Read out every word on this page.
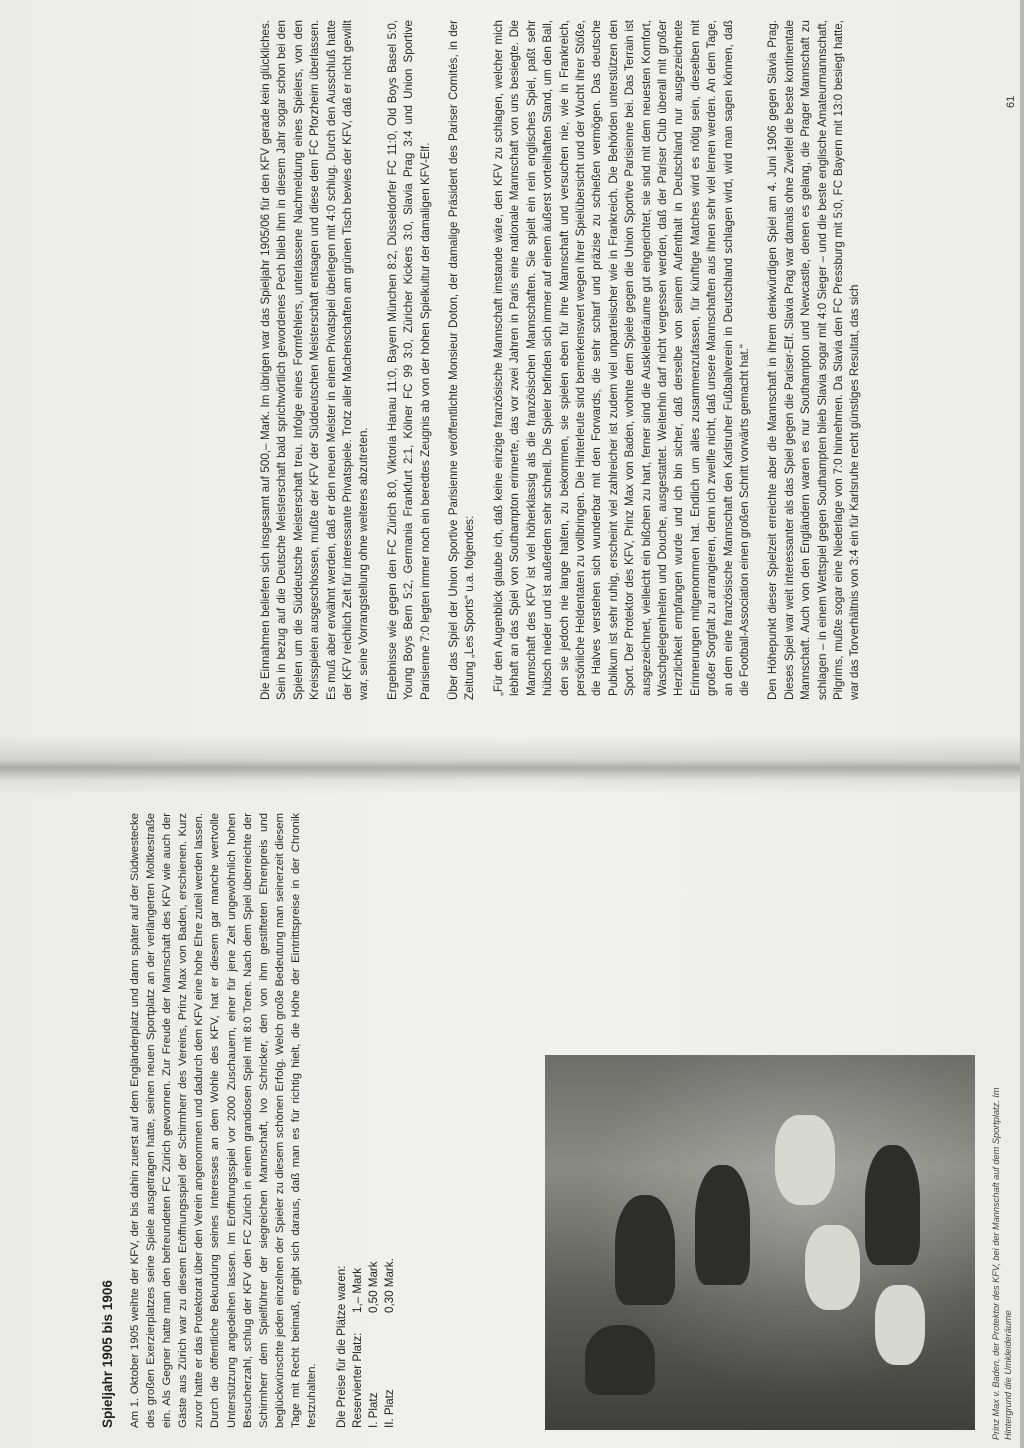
Spieljahr 1905 bis 1906 Am 1. Oktober 1905 weihte der KFV, der bis dahin zuerst auf dem Engländerplatz und dann später auf der Südwestecke des großen Exerzierplatzes seine Spiele ausgetragen hatte, seinen neuen Sportplatz an der verlängerten Moltkestraße ein. Als Gegner hatte man den befreundeten FC Zürich gewonnen. Zur Freude der Mannschaft des KFV wie auch der Gäste aus Zürich war zu diesem Eröffnungsspiel der Schirmherr des Vereins, Prinz Max von Baden, erschienen. Kurz zuvor hatte er das Protektorat über den Verein angenommen und dadurch dem KFV eine hohe Ehre zuteil werden lassen. Durch die öffentliche Bekundung seines Interesses an dem Wohle des KFV, hat er diesem gar manche wertvolle Unterstützung angedeihen lassen. Im Eröffnungsspiel vor 2000 Zuschauern, einer für jene Zeit ungewöhnlich hohen Besucherzahl, schlug der KFV den FC Zürich in einem grandiosen Spiel mit 8:0 Toren. Nach dem Spiel überreichte der Schirmherr dem Spielführer der siegreichen Mannschaft, Ivo Schricker, den von ihm gestifteten Ehrenpreis und beglückwünschte jeden einzelnen der Spieler zu diesem schönen Erfolg. Welch große Bedeutung man seinerzeit diesem Tage mit Recht beimaß, ergibt sich daraus, daß man es für richtig hielt, die Höhe der Eintrittspreise in der Chronik festzuhalten. Die Preise für die Plätze waren: Reservierter Platz:
1,– Mark
I. Platz
0,50 Mark
II. Platz
0,30 Mark.	Prinz Max v. Baden, der Protektor des KFV, bei der Mannschaft auf dem Sportplatz. Im Hintergrund die Umkleideräume

Die Einnahmen beliefen sich insgesamt auf 500,– Mark. Im übrigen war das Spieljahr 1905/06 für den KFV gerade kein glückliches. Sein in bezug auf die Deutsche Meisterschaft bald sprichwörtlich gewordenes Pech blieb ihm in diesem Jahr sogar schon bei den Spielen um die Süddeutsche Meisterschaft treu. Infolge eines Formfehlers, unterlassene Nachmeldung eines Spielers, von den Kreisspielen ausgeschlossen, mußte der KFV der Süddeutschen Meisterschaft entsagen und diese dem FC Pforzheim überlassen. Es muß aber erwähnt werden, daß er den neuen Meister in einem Privatspiel überlegen mit 4:0 schlug. Durch den Ausschluß hatte der KFV reichlich Zeit für interessante Privatspiele. Trotz aller Machenschaften am grünen Tisch bewies der KFV, daß er nicht gewillt war, seine Vorrangstellung ohne weiteres abzutreten. Ergebnisse wie gegen den FC Zürich 8:0, Viktoria Hanau 11:0, Bayern München 8:2, Düsseldorfer FC 11:0, Old Boys Basel 5:0, Young Boys Bern 5:2, Germania Frankfurt 2:1, Kölner FC 99 3:0, Züricher Kickers 3:0, Slavia Prag 3:4 und Union Sportive Parisienne 7:0 legten immer noch ein beredtes Zeugnis ab von der hohen Spielkultur der damaligen KFV-Elf. Über das Spiel der Union Sportive Parisienne veröffentlichte Monsieur Doton, der damalige Präsident des Pariser Comités, in der Zeitung „Les Sports“ u.a. folgendes: „Für den Augenblick glaube ich, daß keine einzige französische Mannschaft imstande wäre, den KFV zu schlagen, welcher mich lebhaft an das Spiel von Southampton erinnerte, das vor zwei Jahren in Paris eine nationale Mannschaft von uns besiegte. Die Mannschaft des KFV ist viel höherklassig als die französischen Mannschaften. Sie spielt ein rein englisches Spiel, paßt sehr hübsch nieder und ist außerdem sehr schnell. Die Spieler befinden sich immer auf einem äußerst vorteilhaften Stand, um den Ball, den sie jedoch nie lange halten, zu bekommen, sie spielen eben für ihre Mannschaft und versuchen nie, wie in Frankreich, persönliche Heldentaten zu vollbringen. Die Hinterleute sind bemerkenswert wegen ihrer Spielübersicht und der Wucht ihrer Stöße, die Halves verstehen sich wunderbar mit den Forwards, die sehr scharf und präzise zu schießen vermögen. Das deutsche Publikum ist sehr ruhig, erscheint viel zahlreicher ist zudem viel unparteiischer wie in Frankreich. Die Behörden unterstützen den Sport. Der Protektor des KFV, Prinz Max von Baden, wohnte dem Spiele gegen die Union Sportive Parisienne bei. Das Terrain ist ausgezeichnet, vielleicht ein bißchen zu hart, ferner sind die Auskleideräume gut eingerichtet, sie sind mit dem neuesten Komfort, Waschgelegenheiten und Douche, ausgestattet. Weiterhin darf nicht vergessen werden, daß der Pariser Club überall mit großer Herzlichkeit empfangen wurde und ich bin sicher, daß derselbe von seinem Aufenthalt in Deutschland nur ausgezeichnete Erinnerungen mitgenommen hat. Endlich um alles zusammenzufassen, für künftige Matches wird es nötig sein, dieselben mit großer Sorgfalt zu arrangieren, denn ich zweifle nicht, daß unsere Mannschaften aus ihnen sehr viel lernen werden. An dem Tage, an dem eine französische Mannschaft den Karlsruher Fußballverein in Deutschland schlagen wird, wird man sagen können, daß die Football-Association einen großen Schritt vorwärts gemacht hat.“ Den Höhepunkt dieser Spielzeit erreichte aber die Mannschaft in ihrem denkwürdigen Spiel am 4. Juni 1906 gegen Slavia Prag. Dieses Spiel war weit interessanter als das Spiel gegen die Pariser-Elf. Slavia Prag war damals ohne Zweifel die beste kontinentale Mannschaft. Auch von den Engländern waren es nur Southampton und Newcastle, denen es gelang, die Prager Mannschaft zu schlagen – in einem Wettspiel gegen Southampten blieb Slavia sogar mit 4:0 Sieger – und die beste englische Amateurmannschaft, Pilgrims, mußte sogar eine Niederlage von 7:0 hinnehmen. Da Slavia den FC Pressburg mit 5:0, FC Bayern mit 13:0 besiegt hatte, war das Torverhältnis von 3:4 ein für Karlsruhe recht günstiges Resultat, das sich

61
